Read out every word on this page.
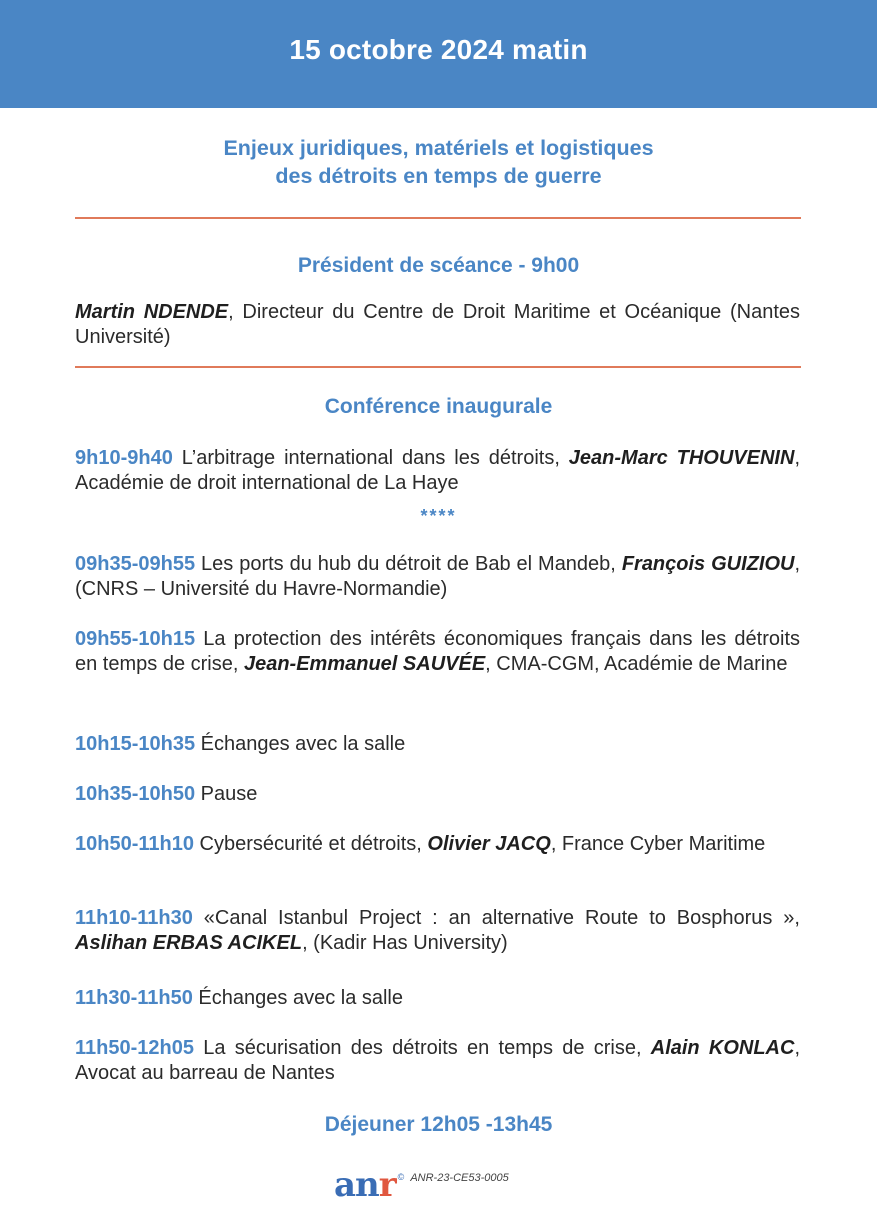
15 octobre 2024 matin
Enjeux juridiques, matériels et logistiques
des détroits en temps de guerre
Président de scéance - 9h00
Martin NDENDE, Directeur du Centre de Droit Maritime et Océanique (Nantes Université)
Conférence inaugurale
9h10-9h40 L’arbitrage international dans les détroits, Jean-Marc THOUVENIN, Académie de droit international de La Haye
****
09h35-09h55 Les ports du hub du détroit de Bab el Mandeb, François GUIZIOU, (CNRS – Université du Havre-Normandie)
09h55-10h15 La protection des intérêts économiques français dans les détroits en temps de crise, Jean-Emmanuel SAUVÉE, CMA-CGM, Académie de Marine
10h15-10h35 Échanges avec la salle
10h35-10h50 Pause
10h50-11h10 Cybersécurité et détroits, Olivier JACQ, France Cyber Maritime
11h10-11h30 «Canal Istanbul Project : an alternative Route to Bosphorus », Aslihan ERBAS ACIKEL, (Kadir Has University)
11h30-11h50 Échanges avec la salle
11h50-12h05 La sécurisation des détroits en temps de crise, Alain KONLAC, Avocat au barreau de Nantes
Déjeuner 12h05 -13h45
anr © ANR-23-CE53-0005
